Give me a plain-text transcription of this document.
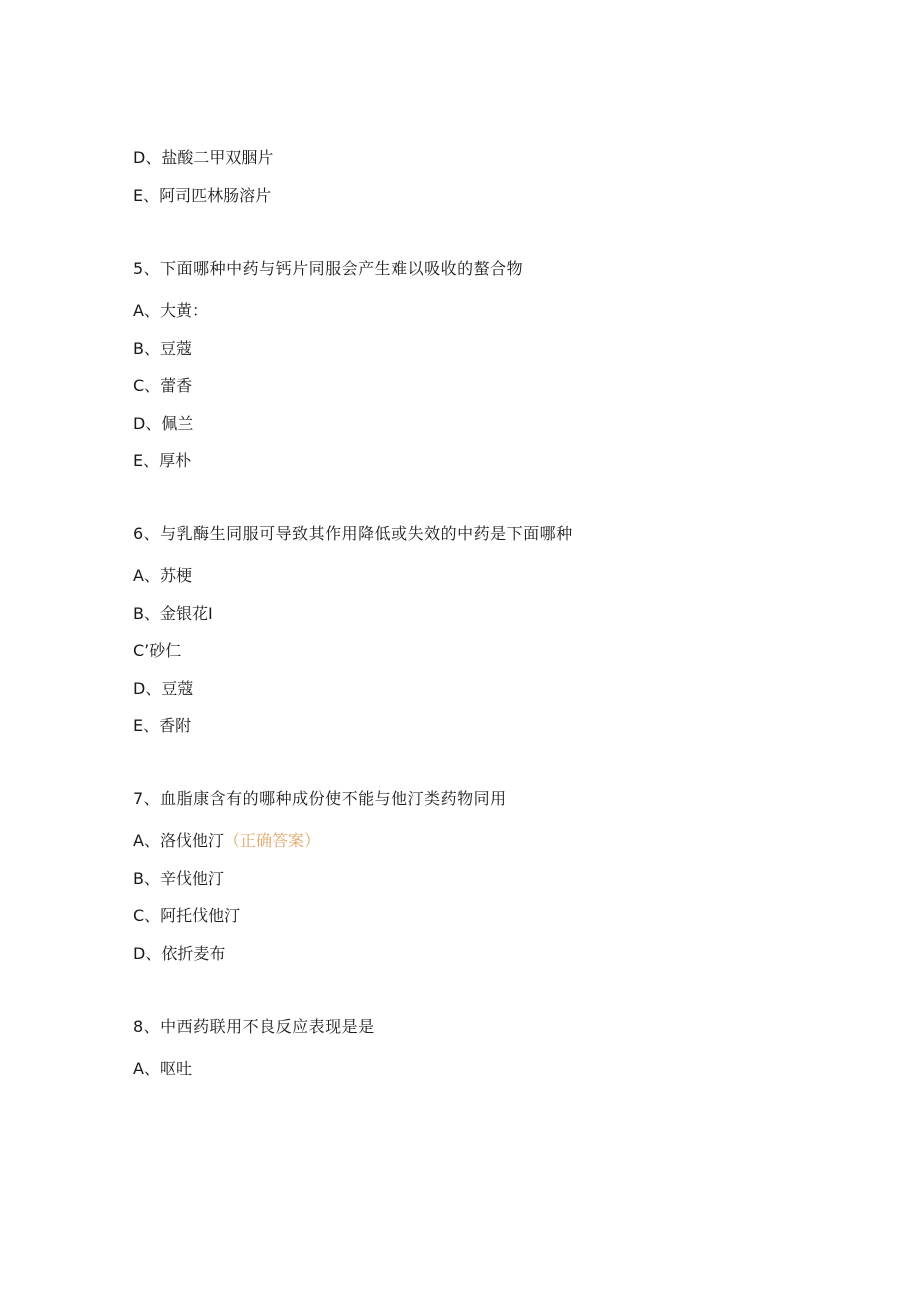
D、盐酸二甲双胭片
E、阿司匹林肠溶片
5、下面哪种中药与钙片同服会产生难以吸收的螯合物
A、大黄：
B、豆蔻
C、蕾香
D、佩兰
E、厚朴
6、与乳酶生同服可导致其作用降低或失效的中药是下面哪种
A、苏梗
B、金银花I
C’砂仁
D、豆蔻
E、香附
7、血脂康含有的哪种成份使不能与他汀类药物同用
A、洛伐他汀（正确答案）
B、辛伐他汀
C、阿托伐他汀
D、依折麦布
8、中西药联用不良反应表现是是
A、呕吐
